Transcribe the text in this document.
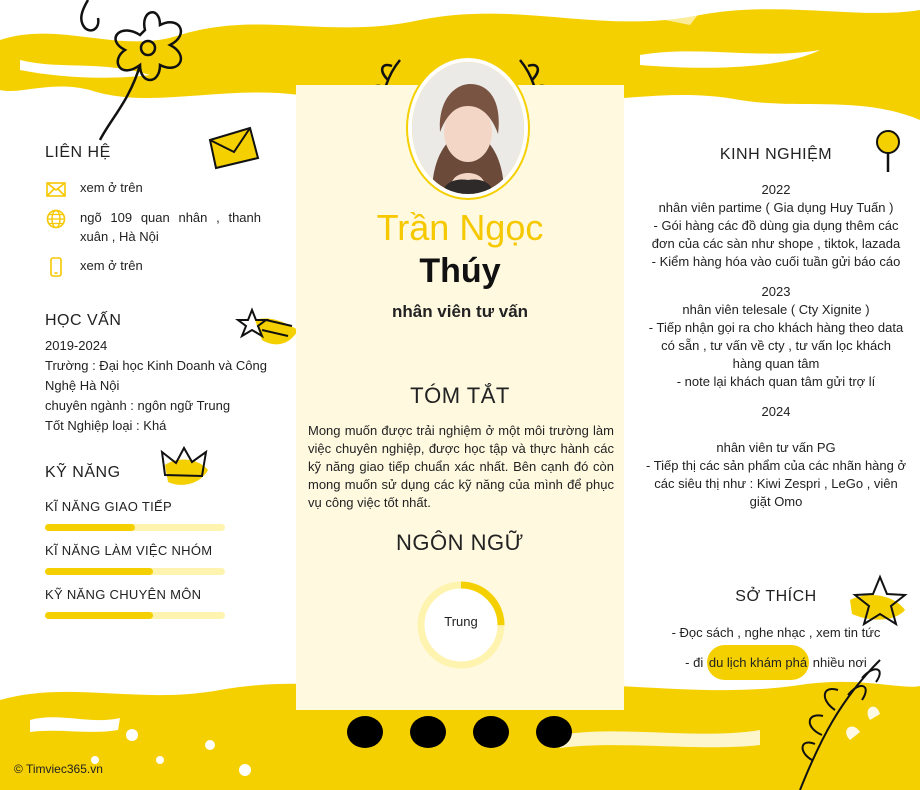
Trần Ngọc
Thúy
nhân viên tư vấn
TÓM TẮT
Mong muốn được trải nghiệm ở một môi trường làm việc chuyên nghiệp, được học tập và thực hành các kỹ năng giao tiếp chuẩn xác nhất. Bên cạnh đó còn mong muốn sử dụng các kỹ năng của mình để phục vụ công việc tốt nhất.
NGÔN NGỮ
Trung
LIÊN HỆ
xem ở trên
ngõ 109 quan nhân , thanh xuân , Hà Nội
xem ở trên
HỌC VẤN
2019-2024
Trường : Đại học Kinh Doanh và Công Nghệ Hà Nội
chuyên ngành : ngôn ngữ Trung
Tốt Nghiệp loại : Khá
KỸ NĂNG
KĨ NĂNG GIAO TIẾP
KĨ NĂNG LÀM VIỆC NHÓM
KỸ NĂNG CHUYÊN MÔN
KINH NGHIỆM
2022
nhân viên partime ( Gia dụng Huy Tuấn )
- Gói hàng các đồ dùng gia dụng thêm các đơn của các sàn như shope , tiktok, lazada
- Kiểm hàng hóa vào cuối tuần gửi báo cáo
2023
nhân viên telesale ( Cty Xignite )
- Tiếp nhận gọi ra cho khách hàng theo data có sẵn , tư vấn về cty , tư vấn lọc khách hàng quan tâm
- note lại khách quan tâm gửi trợ lí
2024
nhân viên tư vấn PG
- Tiếp thị các sản phẩm của các nhãn hàng ở các siêu thị như : Kiwi Zespri , LeGo , viên giặt Omo
SỞ THÍCH
- Đọc sách , nghe nhạc , xem tin tức
- đi du lịch khám phá nhiều nơi
© Timviec365.vn
